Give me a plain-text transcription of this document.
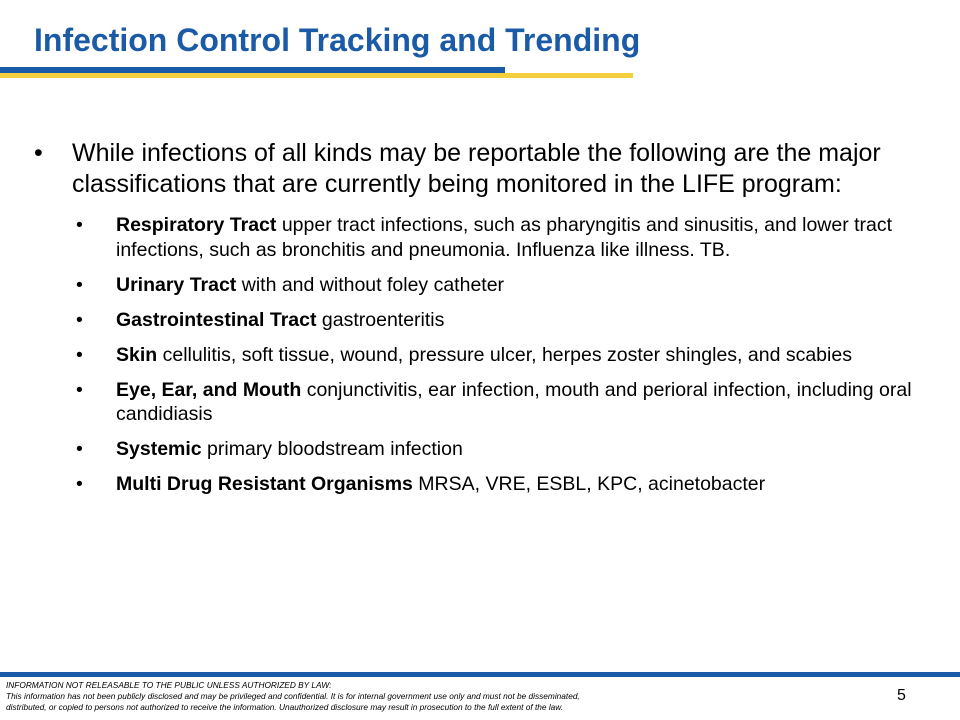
Infection Control Tracking and Trending
• While infections of all kinds may be reportable the following are the major classifications that are currently being monitored in the LIFE program:
• Respiratory Tract upper tract infections, such as pharyngitis and sinusitis, and lower tract infections, such as bronchitis and pneumonia. Influenza like illness. TB.
• Urinary Tract with and without foley catheter
• Gastrointestinal Tract gastroenteritis
• Skin cellulitis, soft tissue, wound, pressure ulcer, herpes zoster shingles, and scabies
• Eye, Ear, and Mouth conjunctivitis, ear infection, mouth and perioral infection, including oral candidiasis
• Systemic primary bloodstream infection
• Multi Drug Resistant Organisms MRSA, VRE, ESBL, KPC, acinetobacter
INFORMATION NOT RELEASABLE TO THE PUBLIC UNLESS AUTHORIZED BY LAW:
This information has not been publicly disclosed and may be privileged and confidential. It is for internal government use only and must not be disseminated,
distributed, or copied to persons not authorized to receive the information. Unauthorized disclosure may result in prosecution to the full extent of the law.
5
